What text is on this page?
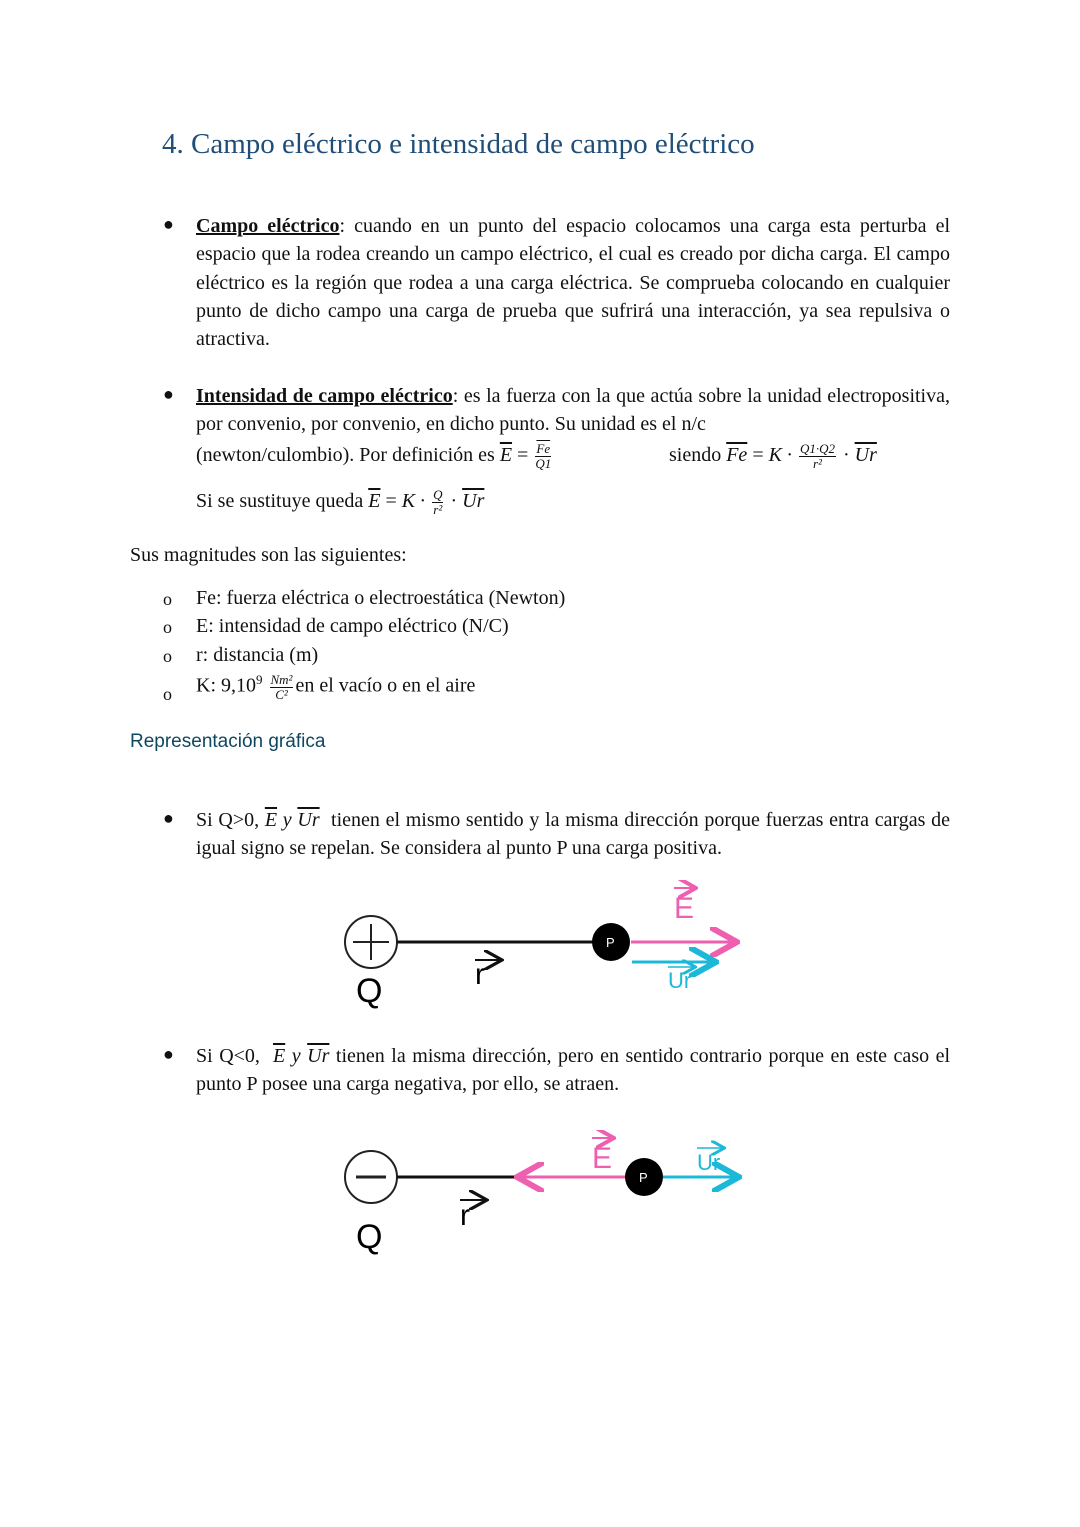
4. Campo eléctrico e intensidad de campo eléctrico
● Campo eléctrico: cuando en un punto del espacio colocamos una carga esta perturba el espacio que la rodea creando un campo eléctrico, el cual es creado por dicha carga. El campo eléctrico es la región que rodea a una carga eléctrica. Se comprueba colocando en cualquier punto de dicho campo una carga de prueba que sufrirá una interacción, ya sea repulsiva o atractiva.
● Intensidad de campo eléctrico: es la fuerza con la que actúa sobre la unidad electropositiva, por convenio, por convenio, en dicho punto. Su unidad es el n/c
(newton/culombio). Por definición es $\overline{E} = \frac{\overline{Fe}}{Q1}$	siendo $\overline{Fe} = K \cdot \frac{Q1\cdot Q2}{\text{r²}} \cdot \overline{Ur}$
Si se sustituye queda $\overline{E} = K \cdot \frac{Q}{\text{r²}} \cdot \overline{Ur}$
Sus magnitudes son las siguientes:
o Fe: fuerza eléctrica o electroestática (Newton)
o E: intensidad de campo eléctrico (N/C)
o r: distancia (m)
o K: $9,10^9 \frac{\text{Nm²}}{\text{C²}}$ en el vacío o en el aire
Representación gráfica
● Si Q>0, $\overline{E}$ y $\overline{Ur}$ tienen el mismo sentido y la misma dirección porque fuerzas entra cargas de igual signo se repelan. Se considera al punto P una carga positiva.
Q	r
P
E
Ur
● Si Q<0, $\overline{E}$ y $\overline{Ur}$ tienen la misma dirección, pero en sentido contrario porque en este caso el punto P posee una carga negativa, por ello, se atraen.
P
Q
r
E	Ur
